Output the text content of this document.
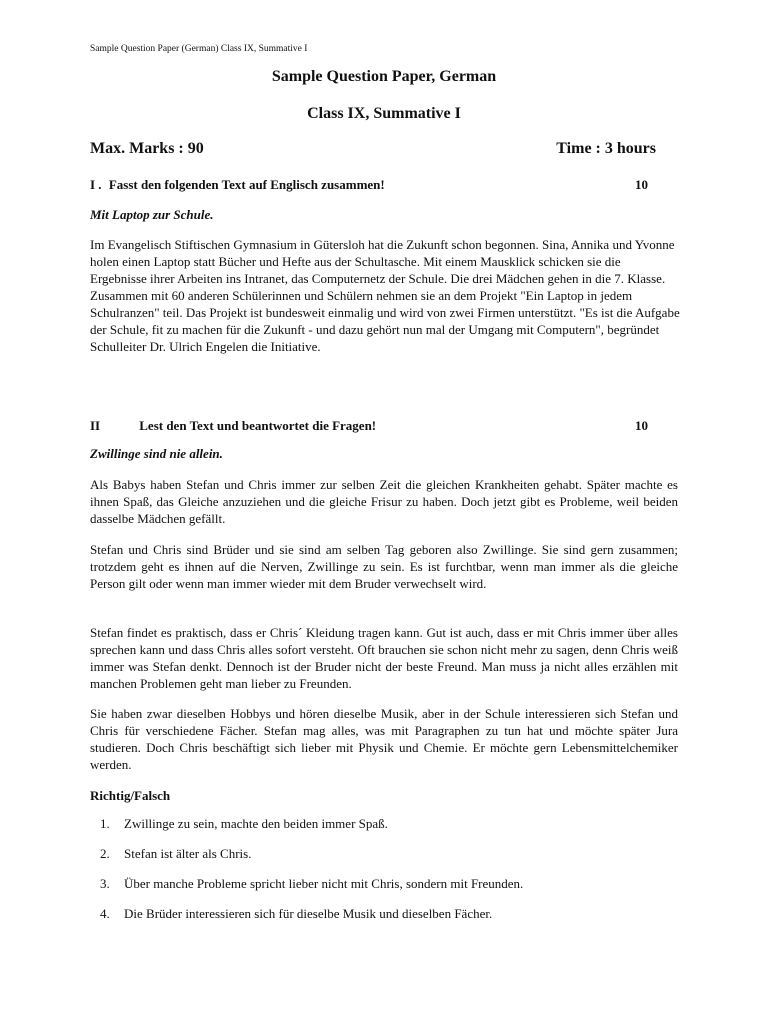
Sample Question Paper (German) Class IX, Summative I
Sample Question Paper, German
Class IX, Summative I
Max. Marks : 90	Time : 3 hours
I . Fasst den folgenden Text auf Englisch zusammen!	10
Mit Laptop zur Schule.

Im Evangelisch Stiftischen Gymnasium in Gütersloh hat die Zukunft schon begonnen. Sina, Annika und Yvonne holen einen Laptop statt Bücher und Hefte aus der Schultasche. Mit einem Mausklick schicken sie die Ergebnisse ihrer Arbeiten ins Intranet, das Computernetz der Schule. Die drei Mädchen gehen in die 7. Klasse. Zusammen mit 60 anderen Schülerinnen und Schülern nehmen sie an dem Projekt "Ein Laptop in jedem Schulranzen" teil. Das Projekt ist bundesweit einmalig und wird von zwei Firmen unterstützt. "Es ist die Aufgabe der Schule, fit zu machen für die Zukunft - und dazu gehört nun mal der Umgang mit Computern", begründet Schulleiter Dr. Ulrich Engelen die Initiative.

II	Lest den Text und beantwortet die Fragen!	10
Zwillinge sind nie allein.

Als Babys haben Stefan und Chris immer zur selben Zeit die gleichen Krankheiten gehabt. Später machte es ihnen Spaß, das Gleiche anzuziehen und die gleiche Frisur zu haben. Doch jetzt gibt es Probleme, weil beiden dasselbe Mädchen gefällt.

Stefan und Chris sind Brüder und sie sind am selben Tag geboren also Zwillinge. Sie sind gern zusammen; trotzdem geht es ihnen auf die Nerven, Zwillinge zu sein. Es ist furchtbar, wenn man immer als die gleiche Person gilt oder wenn man immer wieder mit dem Bruder verwechselt wird.

Stefan findet es praktisch, dass er Chris´ Kleidung tragen kann. Gut ist auch, dass er mit Chris immer über alles sprechen kann und dass Chris alles sofort versteht. Oft brauchen sie schon nicht mehr zu sagen, denn Chris weiß immer was Stefan denkt. Dennoch ist der Bruder nicht der beste Freund. Man muss ja nicht alles erzählen mit manchen Problemen geht man lieber zu Freunden.

Sie haben zwar dieselben Hobbys und hören dieselbe Musik, aber in der Schule interessieren sich Stefan und Chris für verschiedene Fächer. Stefan mag alles, was mit Paragraphen zu tun hat und möchte später Jura studieren. Doch Chris beschäftigt sich lieber mit Physik und Chemie. Er möchte gern Lebensmittelchemiker werden.

Richtig/Falsch
1. Zwillinge zu sein, machte den beiden immer Spaß.
2. Stefan ist älter als Chris.
3. Über manche Probleme spricht lieber nicht mit Chris, sondern mit Freunden.
4. Die Brüder interessieren sich für dieselbe Musik und dieselben Fächer.
